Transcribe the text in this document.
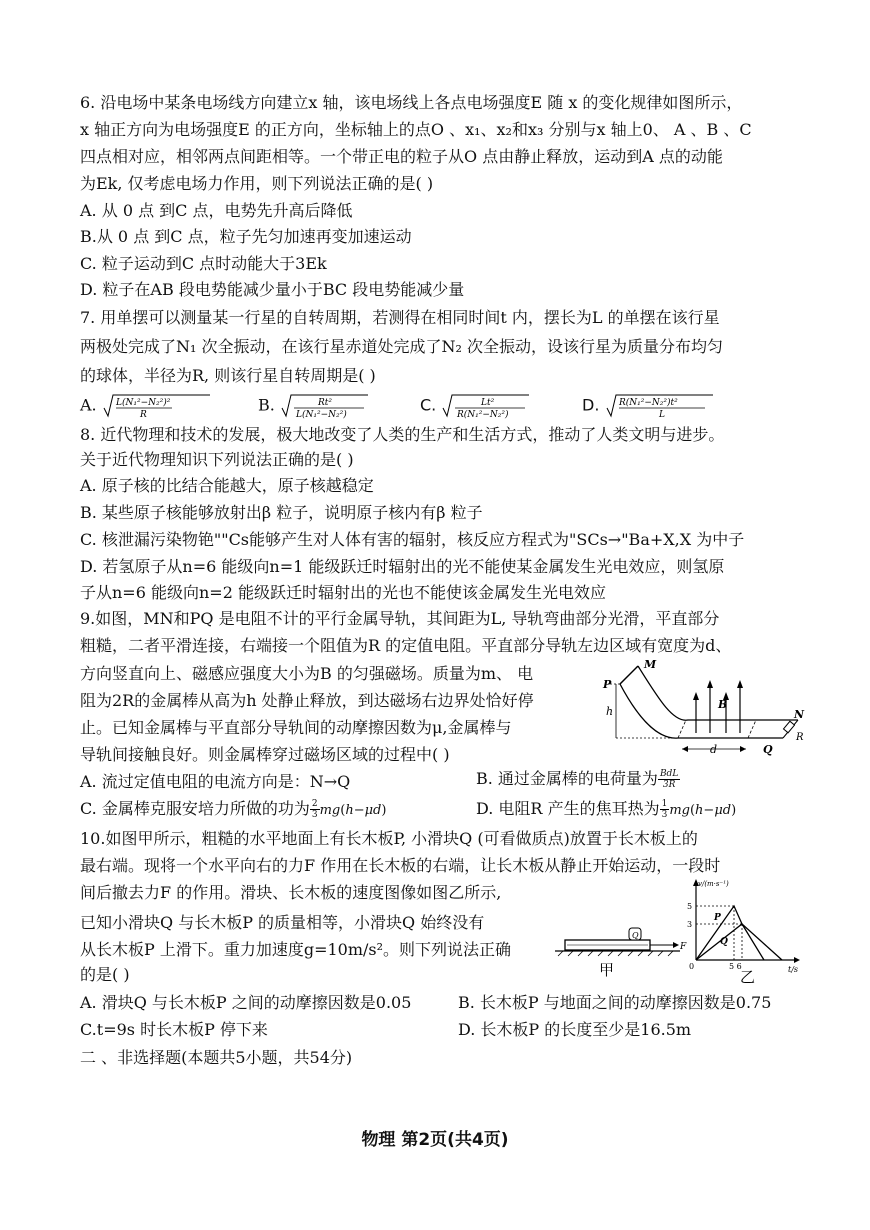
6. 沿电场中某条电场线方向建立x 轴，该电场线上各点电场强度E 随 x 的变化规律如图所示，
x 轴正方向为电场强度E 的正方向，坐标轴上的点O 、x₁、x₂和x₃ 分别与x 轴上0、 A 、B 、C
四点相对应，相邻两点间距相等。一个带正电的粒子从O 点由静止释放，运动到A 点的动能
为Ek, 仅考虑电场力作用，则下列说法正确的是( )
A. 从 0 点 到C 点，电势先升高后降低
B.从 0 点 到C 点，粒子先匀加速再变加速运动
C. 粒子运动到C 点时动能大于3Ek
D. 粒子在AB 段电势能减少量小于BC 段电势能减少量
7. 用单摆可以测量某一行星的自转周期，若测得在相同时间t 内，摆长为L 的单摆在该行星
两极处完成了N₁ 次全振动，在该行星赤道处完成了N₂ 次全振动，设该行星为质量分布均匀
的球体，半径为R, 则该行星自转周期是( )
A. L(N₁²−N₂²)²
R
B.	Rt²
L(N₁²−N₂²)
C.	Lt²
R(N₁²−N₂²)
D. R(N₁²−N₂²)t²
L
8. 近代物理和技术的发展，极大地改变了人类的生产和生活方式，推动了人类文明与进步。
关于近代物理知识下列说法正确的是( )
A. 原子核的比结合能越大，原子核越稳定
B. 某些原子核能够放射出β 粒子，说明原子核内有β 粒子
C. 核泄漏污染物铯""Cs能够产生对人体有害的辐射，核反应方程式为"SCs→"Ba+X,X 为中子
D. 若氢原子从n=6 能级向n=1 能级跃迁时辐射出的光不能使某金属发生光电效应，则氢原
子从n=6 能级向n=2 能级跃迁时辐射出的光也不能使该金属发生光电效应
9.如图，MN和PQ 是电阻不计的平行金属导轨，其间距为L, 导轨弯曲部分光滑，平直部分
粗糙，二者平滑连接，右端接一个阻值为R 的定值电阻。平直部分导轨左边区域有宽度为d、
方向竖直向上、磁感应强度大小为B 的匀强磁场。质量为m、 电
阻为2R的金属棒从高为h 处静止释放，到达磁场右边界处恰好停
止。已知金属棒与平直部分导轨间的动摩擦因数为μ,金属棒与
导轨间接触良好。则金属棒穿过磁场区域的过程中( )
P
M
h
B
N
d	Q
R
A. 流过定值电阻的电流方向是：N→Q	B. 通过金属棒的电荷量为 $\frac{\text{BdL}}{3R}$
C. 金属棒克服安培力所做的功为 $\frac{2}{3} mg(h-\mu d)$	D. 电阻R 产生的焦耳热为 $\frac{1}{3} mg(h-\mu d)$
10.如图甲所示，粗糙的水平地面上有长木板P, 小滑块Q (可看做质点)放置于长木板上的
最右端。现将一个水平向右的力F 作用在长木板的右端，让长木板从静止开始运动，一段时
间后撤去力F 的作用。滑块、长木板的速度图像如图乙所示,
已知小滑块Q 与长木板P 的质量相等，小滑块Q 始终没有
从长木板P 上滑下。重力加速度g=10m/s²。则下列说法正确
的是( )
Q
F
甲
v/(m·s⁻¹)
5
3
0	5 6	t/s
P
Q
乙
A. 滑块Q 与长木板P 之间的动摩擦因数是0.05	B. 长木板P 与地面之间的动摩擦因数是0.75
C.t=9s 时长木板P 停下来	D. 长木板P 的长度至少是16.5m
二 、非选择题(本题共5小题，共54分)
物理 第2页(共4页)
